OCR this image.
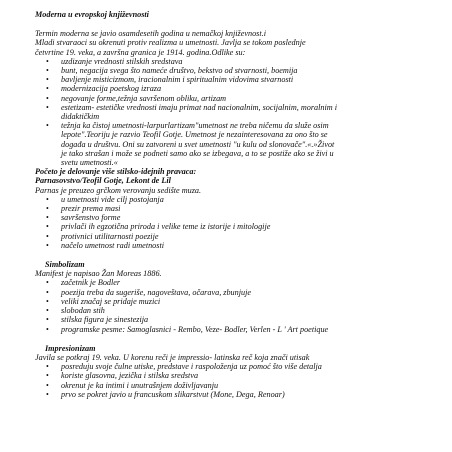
Moderna u evropskoj književnosti

Termin moderna se javio osamdesetih godina u nemačkoj književnost.i
Mladi stvaraoci su okrenuti protiv realizma u umetnosti. Javlja se tokom poslednje
četvrtine 19. veka, a završna granica je 1914. godina.Odlike su:

• uzdizanje vrednosti stilskih sredstava
• bunt, negacija svega što nameće društvo, bekstvo od stvarnosti, boemija
• bavljenje misticizmom, iracionalnim i spiritualnim vidovima stvarnosti
• modernizacija poetskog izraza
• negovanje forme,težnja savršenom obliku, artizam
• estetizam- estetičke vrednosti imaju primat nad nacionalnim, socijalnim, moralnim i
didaktičkim
• težnja ka čistoj umetnosti-larpurlartizam"umetnost ne treba ničemu da služe osim
lepote".Teoriju je razvio Teofil Gotje. Umetnost je nezainteresovana za ono što se
događa u društvu. Oni su zatvoreni u svet umetnosti "u kulu od slonovače".«.»Život
je tako strašan i može se podneti samo ako se izbegava, a to se postiže ako se živi u
svetu umetnosti.«
Početo je delovanje više stilsko-idejnih pravaca:
Parnasovstvo/Teofil Gotje, Lekont de Lil

Parnas je preuzeo grčkom verovanju sedište muza.

• u umetnosti vide cilj postojanja
• prezir prema masi
• savršenstvo forme
• privlači ih egzotična priroda i velike teme iz istorije i mitologije
• protivnici utilitarnosti poezije
• načelo umetnost radi umetnosti
Simbolizam

Manifest je napisao Žan Moreas 1886.

• začetnik je Bodler
• poezija treba da sugeriše, nagoveštava, očarava, zbunjuje
• veliki značaj se pridaje muzici
• slobodan stih
• stilska figura je sinestezija
• programske pesme: Samoglasnici - Rembo, Veze- Bodler, Verlen - L ' Art poetique
Impresionizam

Javila se potkraj 19. veka. U korenu reči je impressio- latinska reč koja znači utisak

• posreduju svoje čulne utiske, predstave i raspoloženja uz pomoć što više detalja
• koriste glasovna, jezička i stilska sredstva
• okrenut je ka intimi i unutrašnjem doživljavanju
• prvo se pokret javio u francuskom slikarstvut (Mone, Dega, Renoar)
